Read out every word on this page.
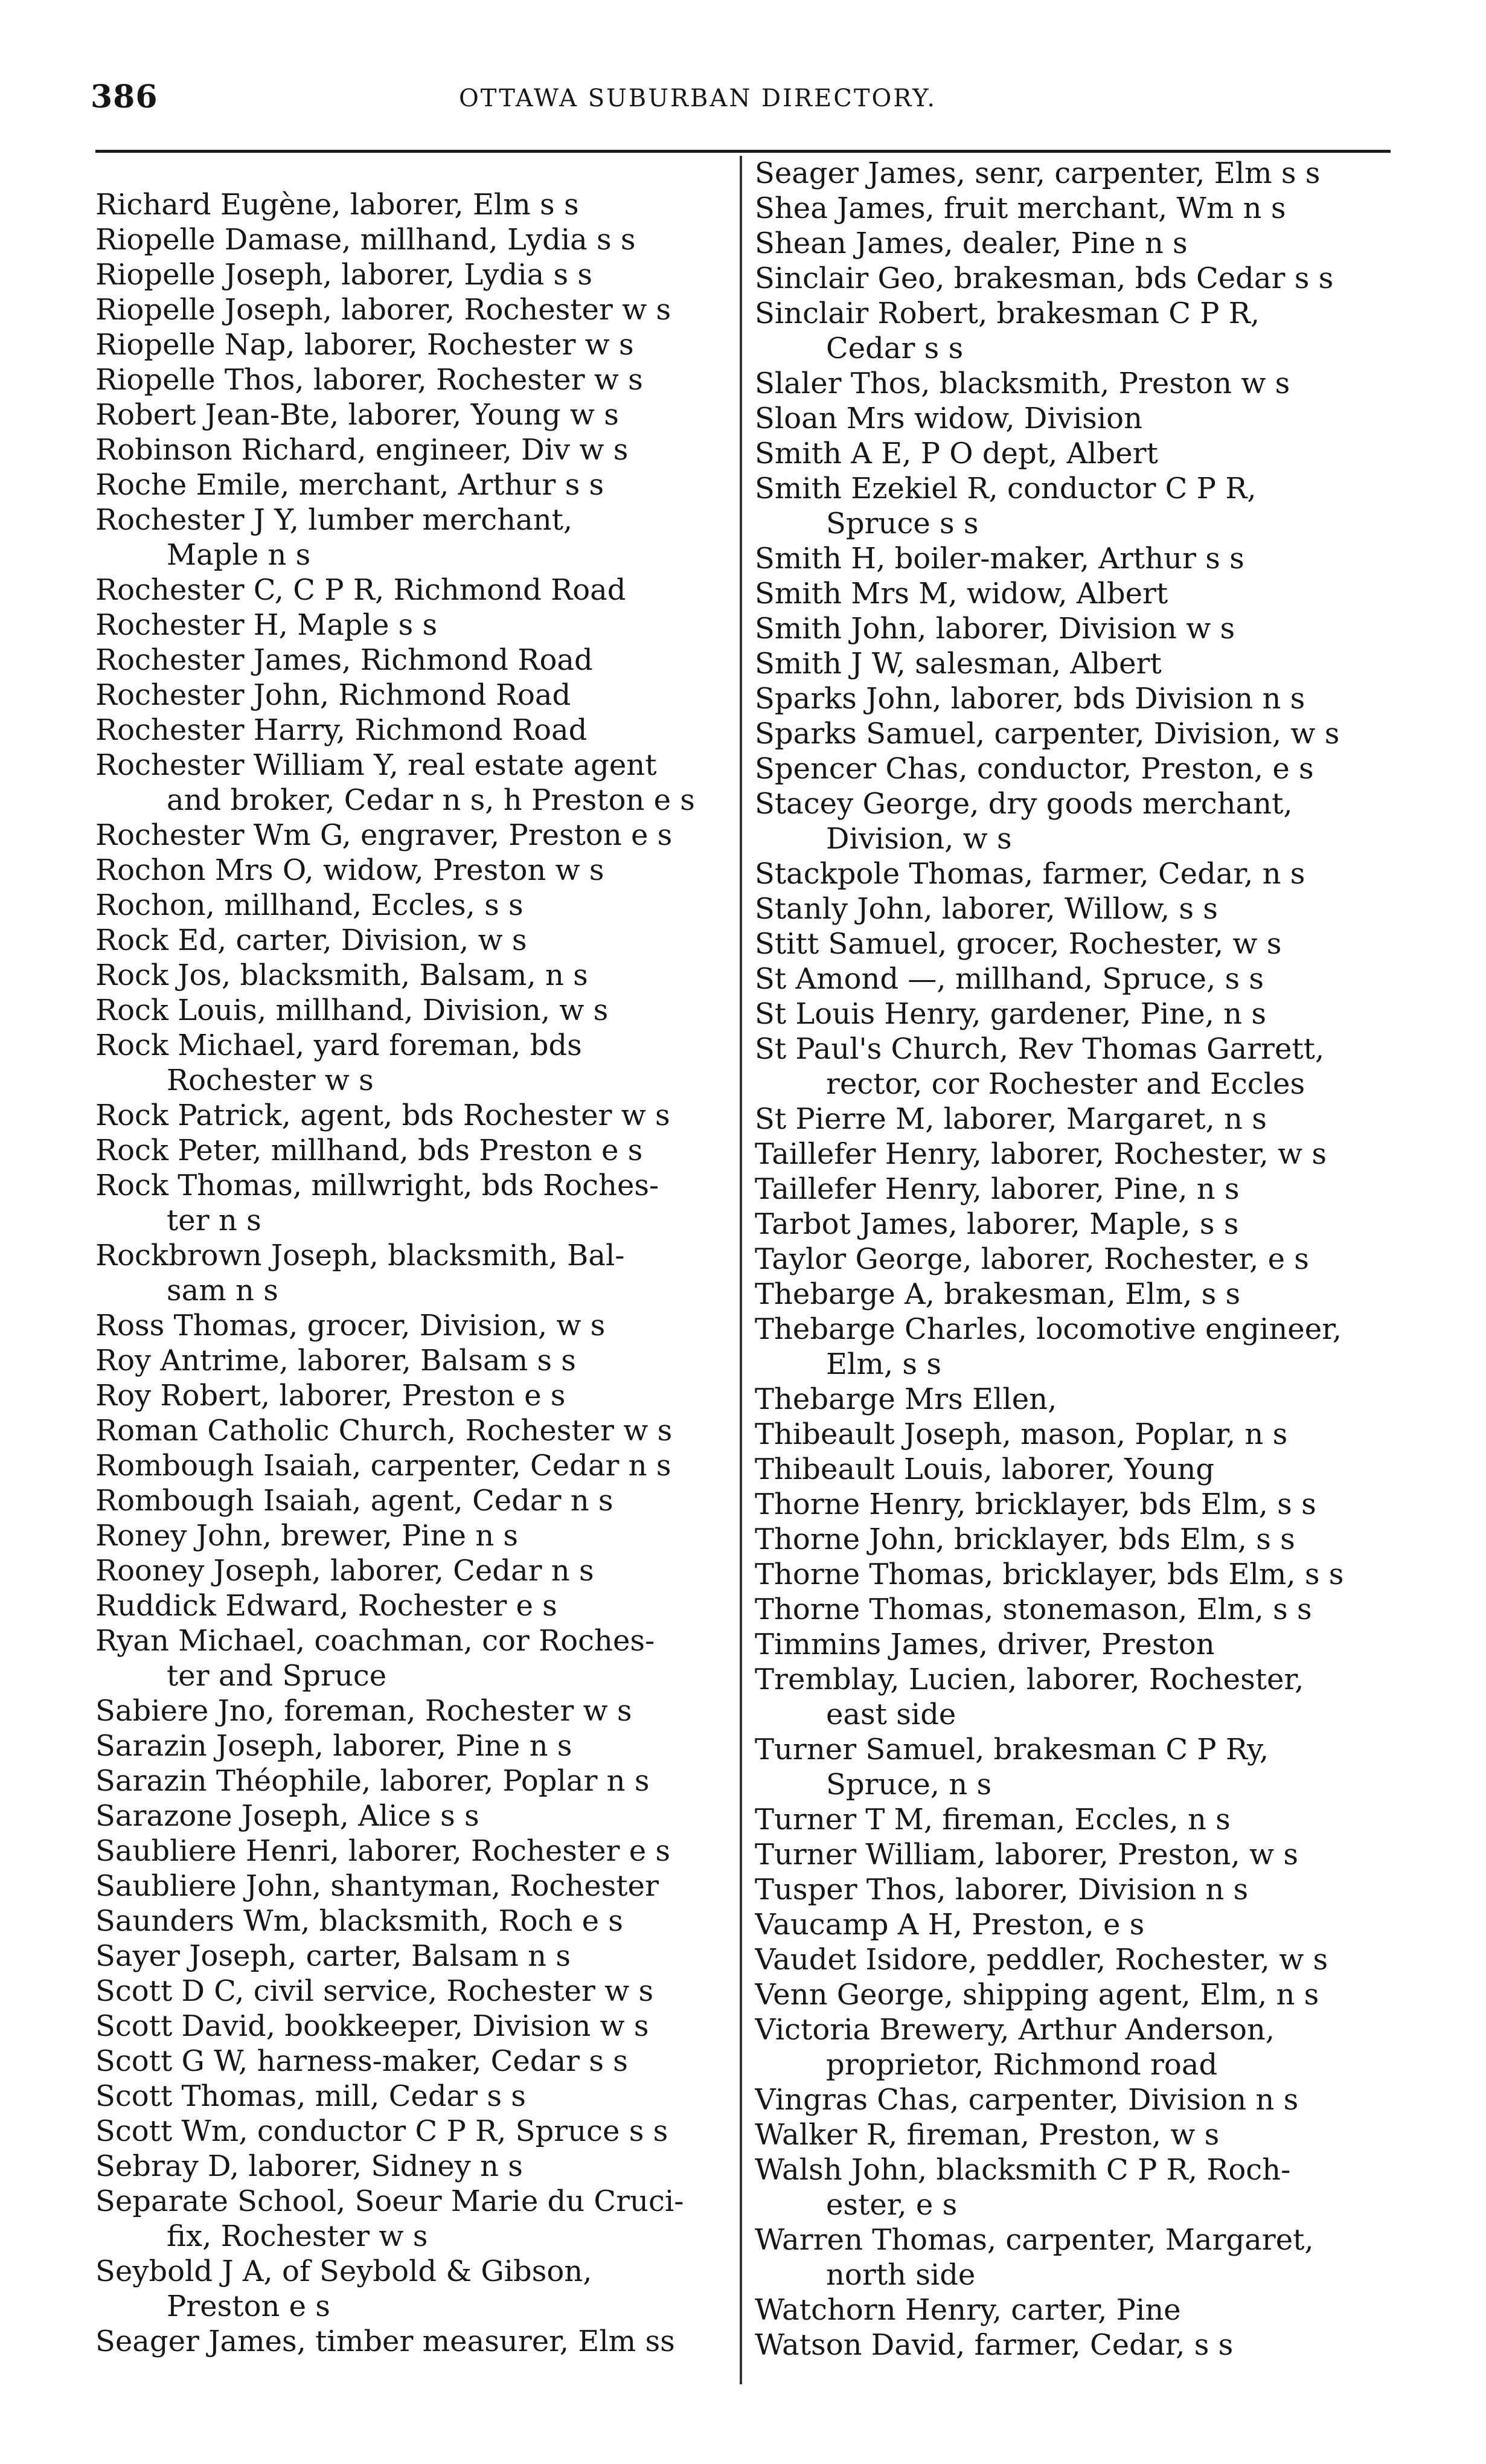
386	OTTAWA SUBURBAN DIRECTORY.
Richard Eugène, laborer, Elm s s
Riopelle Damase, millhand, Lydia s s
Riopelle Joseph, laborer, Lydia s s
Riopelle Joseph, laborer, Rochester w s
Riopelle Nap, laborer, Rochester w s
Riopelle Thos, laborer, Rochester w s
Robert Jean-Bte, laborer, Young w s
Robinson Richard, engineer, Div w s
Roche Emile, merchant, Arthur s s
Rochester J Y, lumber merchant,
Maple n s
Rochester C, C P R, Richmond Road
Rochester H, Maple s s
Rochester James, Richmond Road
Rochester John, Richmond Road
Rochester Harry, Richmond Road
Rochester William Y, real estate agent
and broker, Cedar n s, h Preston e s
Rochester Wm G, engraver, Preston e s
Rochon Mrs O, widow, Preston w s
Rochon, millhand, Eccles, s s
Rock Ed, carter, Division, w s
Rock Jos, blacksmith, Balsam, n s
Rock Louis, millhand, Division, w s
Rock Michael, yard foreman, bds
Rochester w s
Rock Patrick, agent, bds Rochester w s
Rock Peter, millhand, bds Preston e s
Rock Thomas, millwright, bds Roches-
ter n s
Rockbrown Joseph, blacksmith, Bal-
sam n s
Ross Thomas, grocer, Division, w s
Roy Antrime, laborer, Balsam s s
Roy Robert, laborer, Preston e s
Roman Catholic Church, Rochester w s
Rombough Isaiah, carpenter, Cedar n s
Rombough Isaiah, agent, Cedar n s
Roney John, brewer, Pine n s
Rooney Joseph, laborer, Cedar n s
Ruddick Edward, Rochester e s
Ryan Michael, coachman, cor Roches-
ter and Spruce
Sabiere Jno, foreman, Rochester w s
Sarazin Joseph, laborer, Pine n s
Sarazin Théophile, laborer, Poplar n s
Sarazone Joseph, Alice s s
Saubliere Henri, laborer, Rochester e s
Saubliere John, shantyman, Rochester
Saunders Wm, blacksmith, Roch e s
Sayer Joseph, carter, Balsam n s
Scott D C, civil service, Rochester w s
Scott David, bookkeeper, Division w s
Scott G W, harness-maker, Cedar s s
Scott Thomas, mill, Cedar s s
Scott Wm, conductor C P R, Spruce s s
Sebray D, laborer, Sidney n s
Separate School, Soeur Marie du Cruci-
fix, Rochester w s
Seybold J A, of Seybold & Gibson,
Preston e s
Seager James, timber measurer, Elm ss
Seager James, senr, carpenter, Elm s s
Shea James, fruit merchant, Wm n s
Shean James, dealer, Pine n s
Sinclair Geo, brakesman, bds Cedar s s
Sinclair Robert, brakesman C P R,
Cedar s s
Slaler Thos, blacksmith, Preston w s
Sloan Mrs widow, Division
Smith A E, P O dept, Albert
Smith Ezekiel R, conductor C P R,
Spruce s s
Smith H, boiler-maker, Arthur s s
Smith Mrs M, widow, Albert
Smith John, laborer, Division w s
Smith J W, salesman, Albert
Sparks John, laborer, bds Division n s
Sparks Samuel, carpenter, Division, w s
Spencer Chas, conductor, Preston, e s
Stacey George, dry goods merchant,
Division, w s
Stackpole Thomas, farmer, Cedar, n s
Stanly John, laborer, Willow, s s
Stitt Samuel, grocer, Rochester, w s
St Amond —, millhand, Spruce, s s
St Louis Henry, gardener, Pine, n s
St Paul's Church, Rev Thomas Garrett,
rector, cor Rochester and Eccles
St Pierre M, laborer, Margaret, n s
Taillefer Henry, laborer, Rochester, w s
Taillefer Henry, laborer, Pine, n s
Tarbot James, laborer, Maple, s s
Taylor George, laborer, Rochester, e s
Thebarge A, brakesman, Elm, s s
Thebarge Charles, locomotive engineer,
Elm, s s
Thebarge Mrs Ellen,
Thibeault Joseph, mason, Poplar, n s
Thibeault Louis, laborer, Young
Thorne Henry, bricklayer, bds Elm, s s
Thorne John, bricklayer, bds Elm, s s
Thorne Thomas, bricklayer, bds Elm, s s
Thorne Thomas, stonemason, Elm, s s
Timmins James, driver, Preston
Tremblay, Lucien, laborer, Rochester,
east side
Turner Samuel, brakesman C P Ry,
Spruce, n s
Turner T M, fireman, Eccles, n s
Turner William, laborer, Preston, w s
Tusper Thos, laborer, Division n s
Vaucamp A H, Preston, e s
Vaudet Isidore, peddler, Rochester, w s
Venn George, shipping agent, Elm, n s
Victoria Brewery, Arthur Anderson,
proprietor, Richmond road
Vingras Chas, carpenter, Division n s
Walker R, fireman, Preston, w s
Walsh John, blacksmith C P R, Roch-
ester, e s
Warren Thomas, carpenter, Margaret,
north side
Watchorn Henry, carter, Pine
Watson David, farmer, Cedar, s s
